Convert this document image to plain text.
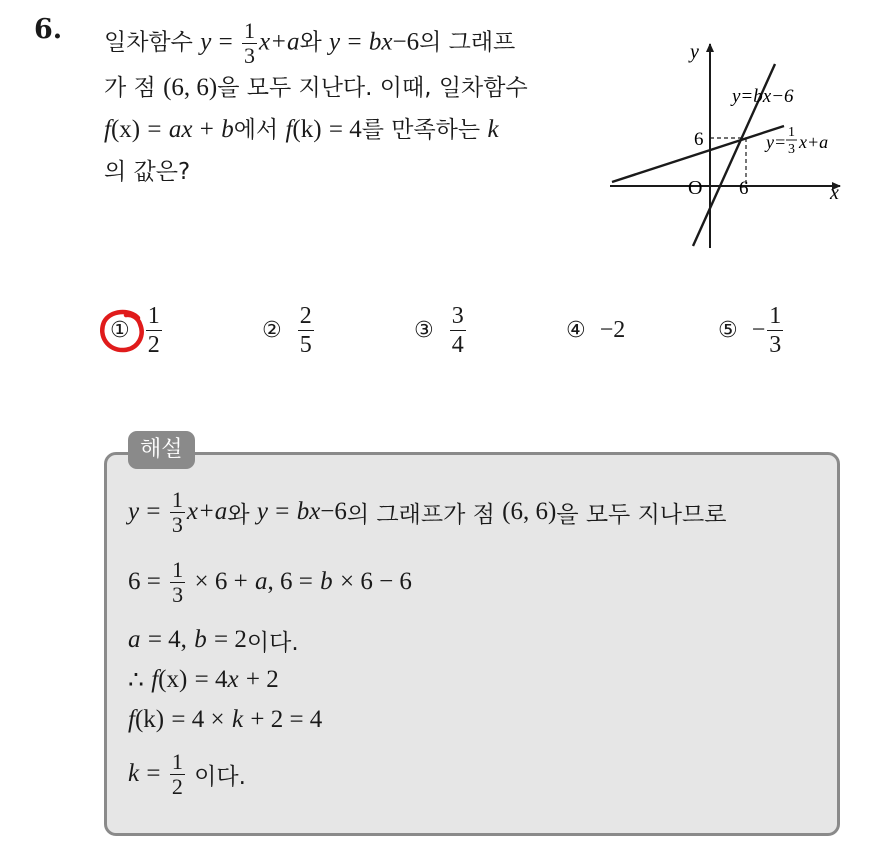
6. 일차함수 $y = \frac{1}{3} x+a$와 y = bx−6의 그래프
가 점 (6, 6)을 모두 지난다. 이때, 일차함수
f(x) = ax + b에서 f(k) = 4를 만족하는 k
의 값은?
y
x
O 6
6
y=bx−6
y= 1
3 x+a
① $\frac{1}{2}$	② $\frac{2}{5}$	③ $\frac{3}{4}$	④ −2	⑤ − $\frac{1}{3}$
해설
y
=
$\frac{1}{3} x+a$ 와
y
=
bx −6 의 그래프가 점
(6, 6) 을 모두 지나므로
6 =
$\frac{1}{3}$
× 6 +
a , 6 =
b
× 6 − 6
a
= 4,
b
= 2 이다.
∴
f (x)
= 4 x
+ 2
f (k)
= 4 ×
k
+ 2 = 4
k
=
$\frac{1}{2}$
이다.
